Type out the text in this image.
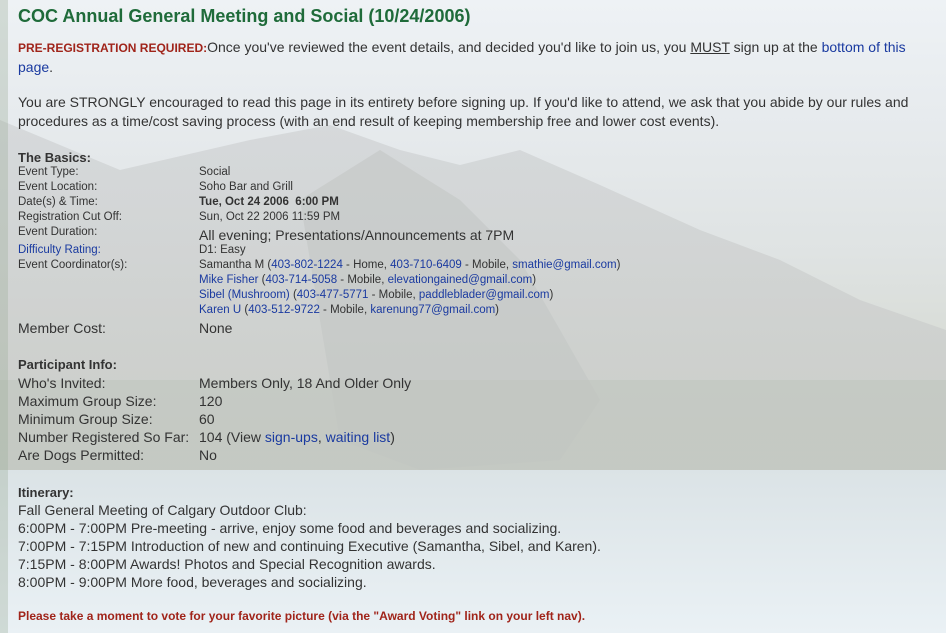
COC Annual General Meeting and Social (10/24/2006)
PRE-REGISTRATION REQUIRED:Once you've reviewed the event details, and decided you'd like to join us, you MUST sign up at the bottom of this page.
You are STRONGLY encouraged to read this page in its entirety before signing up. If you'd like to attend, we ask that you abide by our rules and procedures as a time/cost saving process (with an end result of keeping membership free and lower cost events).
The Basics:
Event Type:	Social
Event Location:	Soho Bar and Grill
Date(s) & Time:	Tue, Oct 24 2006  6:00 PM
Registration Cut Off:	Sun, Oct 22 2006 11:59 PM
Event Duration:	All evening; Presentations/Announcements at 7PM
Difficulty Rating:	D1: Easy
Event Coordinator(s):	Samantha M (403-802-1224 - Home, 403-710-6409 - Mobile, smathie@gmail.com)
Mike Fisher (403-714-5058 - Mobile, elevationgained@gmail.com)
Sibel (Mushroom) (403-477-5771 - Mobile, paddleblader@gmail.com)
Karen U (403-512-9722 - Mobile, karenung77@gmail.com)
Member Cost:	None
Participant Info:
Who's Invited:	Members Only, 18 And Older Only
Maximum Group Size:	120
Minimum Group Size:	60
Number Registered So Far: 104 (View sign-ups, waiting list)
Are Dogs Permitted:	No
Itinerary:
Fall General Meeting of Calgary Outdoor Club:
6:00PM - 7:00PM Pre-meeting - arrive, enjoy some food and beverages and socializing.
7:00PM - 7:15PM Introduction of new and continuing Executive (Samantha, Sibel, and Karen).
7:15PM - 8:00PM Awards! Photos and Special Recognition awards.
8:00PM - 9:00PM More food, beverages and socializing.
Please take a moment to vote for your favorite picture (via the "Award Voting" link on your left nav).
